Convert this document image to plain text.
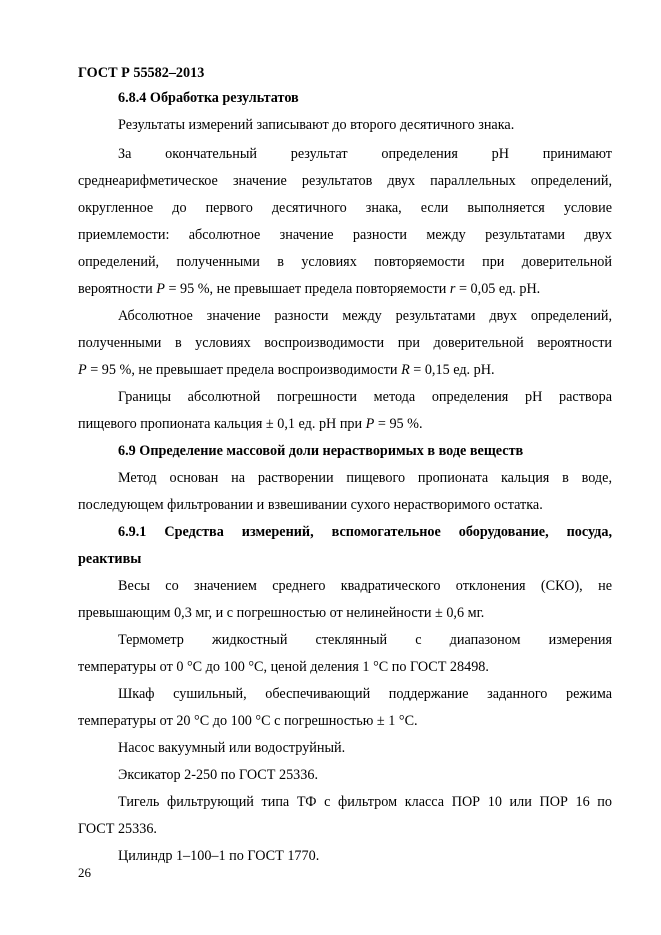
ГОСТ Р 55582–2013
6.8.4 Обработка результатов
Результаты измерений записывают до второго десятичного знака.
За окончательный результат определения pH принимают
среднеарифметическое значение результатов двух параллельных определений,
округленное до первого десятичного знака, если выполняется условие
приемлемости: абсолютное значение разности между результатами двух
определений, полученными в условиях повторяемости при доверительной
вероятности P = 95 %, не превышает предела повторяемости r = 0,05 ед. pH.
Абсолютное значение разности между результатами двух определений,
полученными в условиях воспроизводимости при доверительной вероятности
P = 95 %, не превышает предела воспроизводимости R = 0,15 ед. pH.
Границы абсолютной погрешности метода определения pH раствора
пищевого пропионата кальция ± 0,1 ед. pH при P = 95 %.
6.9 Определение массовой доли нерастворимых в воде веществ
Метод основан на растворении пищевого пропионата кальция в воде,
последующем фильтровании и взвешивании сухого нерастворимого остатка.
6.9.1 Средства измерений, вспомогательное оборудование, посуда,
реактивы
Весы со значением среднего квадратического отклонения (СКО), не
превышающим 0,3 мг, и с погрешностью от нелинейности ± 0,6 мг.
Термометр жидкостный стеклянный с диапазоном измерения
температуры от 0 °С до 100 °С, ценой деления 1 °С по ГОСТ 28498.
Шкаф сушильный, обеспечивающий поддержание заданного режима
температуры от 20 °С до 100 °С с погрешностью ± 1 °С.
Насос вакуумный или водоструйный.
Эксикатор 2-250 по ГОСТ 25336.
Тигель фильтрующий типа ТФ с фильтром класса ПОР 10 или ПОР 16 по
ГОСТ 25336.
Цилиндр 1–100–1 по ГОСТ 1770.
26
